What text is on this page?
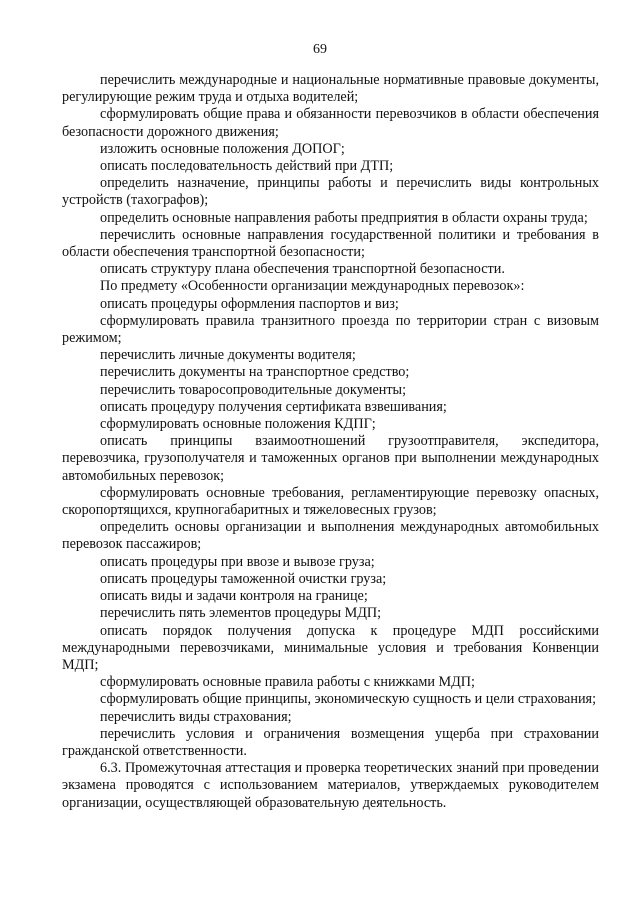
69

перечислить международные и национальные нормативные правовые документы, регулирующие режим труда и отдыха водителей;

сформулировать общие права и обязанности перевозчиков в области обеспечения безопасности дорожного движения;

изложить основные положения ДОПОГ;

описать последовательность действий при ДТП;

определить назначение, принципы работы и перечислить виды контрольных устройств (тахографов);

определить основные направления работы предприятия в области охраны труда;

перечислить основные направления государственной политики и требования в области обеспечения транспортной безопасности;

описать структуру плана обеспечения транспортной безопасности.

По предмету «Особенности организации международных перевозок»:

описать процедуры оформления паспортов и виз;

сформулировать правила транзитного проезда по территории стран с визовым режимом;

перечислить личные документы водителя;

перечислить документы на транспортное средство;

перечислить товаросопроводительные документы;

описать процедуру получения сертификата взвешивания;

сформулировать основные положения КДПГ;

описать принципы взаимоотношений грузоотправителя, экспедитора, перевозчика, грузополучателя и таможенных органов при выполнении международных автомобильных перевозок;

сформулировать основные требования, регламентирующие перевозку опасных, скоропортящихся, крупногабаритных и тяжеловесных грузов;

определить основы организации и выполнения международных автомобильных перевозок пассажиров;

описать процедуры при ввозе и вывозе груза;

описать процедуры таможенной очистки груза;

описать виды и задачи контроля на границе;

перечислить пять элементов процедуры МДП;

описать порядок получения допуска к процедуре МДП российскими международными перевозчиками, минимальные условия и требования Конвенции МДП;

сформулировать основные правила работы с книжками МДП;

сформулировать общие принципы, экономическую сущность и цели страхования;

перечислить виды страхования;

перечислить условия и ограничения возмещения ущерба при страховании гражданской ответственности.

6.3. Промежуточная аттестация и проверка теоретических знаний при проведении экзамена проводятся с использованием материалов, утверждаемых руководителем организации, осуществляющей образовательную деятельность.
